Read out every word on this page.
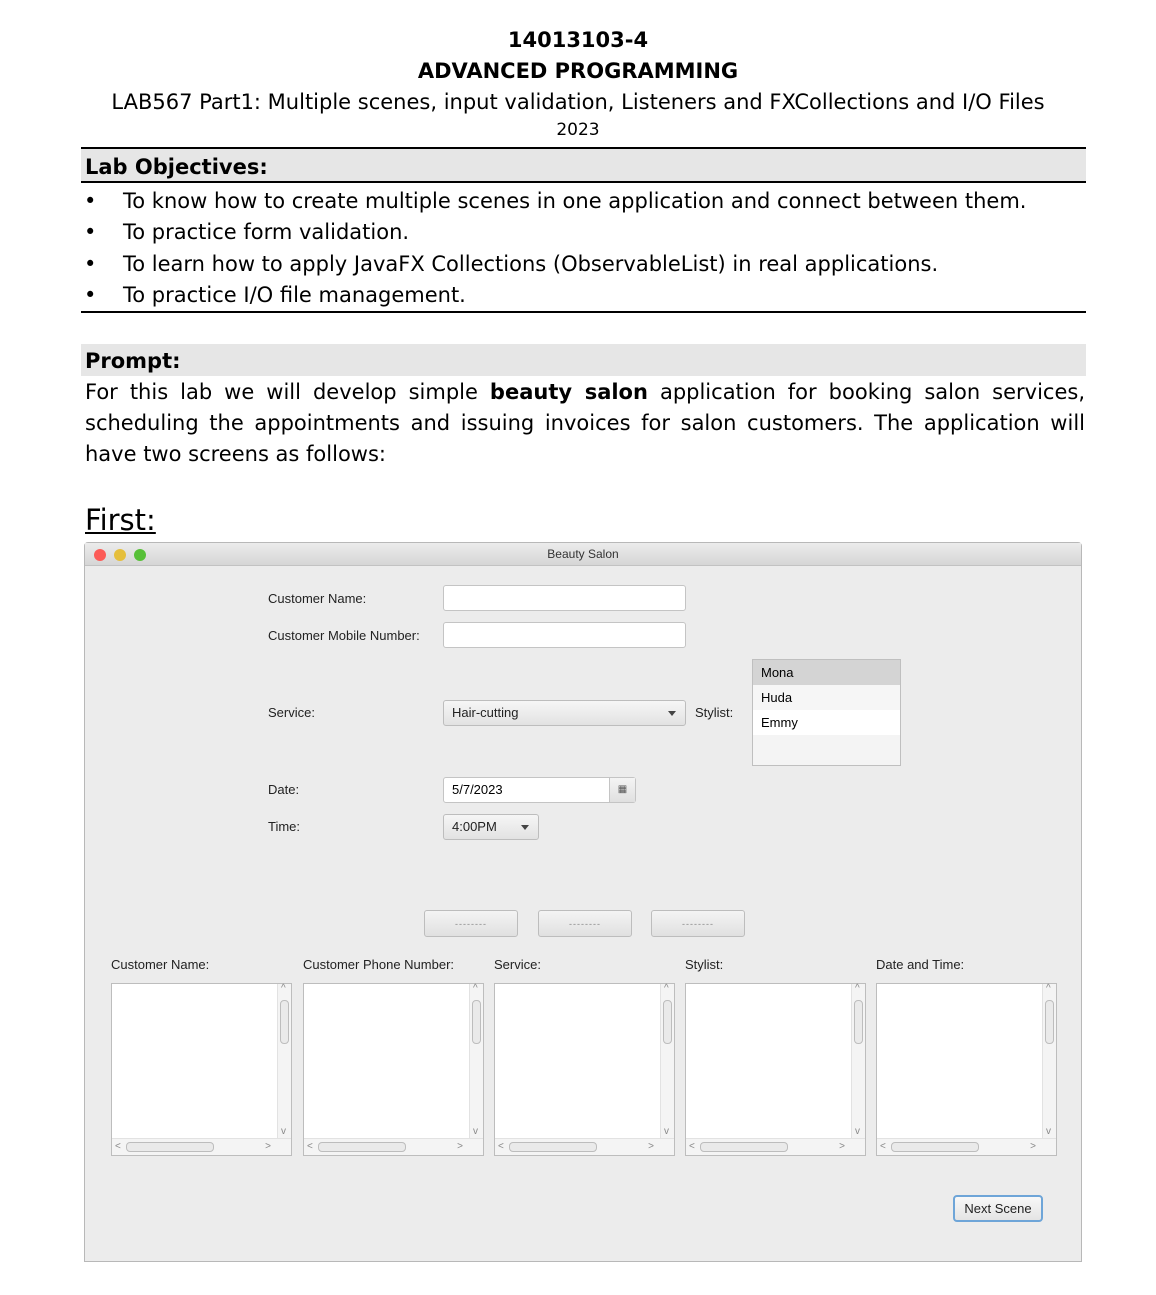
14013103-4
ADVANCED PROGRAMMING
LAB567 Part1: Multiple scenes, input validation, Listeners and FXCollections and I/O Files
2023
Lab Objectives:
• To know how to create multiple scenes in one application and connect between them.
• To practice form validation.
• To learn how to apply JavaFX Collections (ObservableList) in real applications.
• To practice I/O file management.
Prompt:
For this lab we will develop simple beauty salon application for booking salon services, scheduling the appointments and issuing invoices for salon customers. The application will have two screens as follows:
First:
Beauty Salon
Customer Name:
Customer Mobile Number:
Service:	Hair-cutting	Stylist:
Mona
Huda
Emmy
Date:	5/7/2023	▦
Time:	4:00PM
--------	--------	--------
Customer Name:	Customer Phone Number:	Service:	Stylist:	Date and Time:
^
v
<	>
^
v
<	>
^
v
<	>
^
v
<	>
^
v
<	>
Next Scene
